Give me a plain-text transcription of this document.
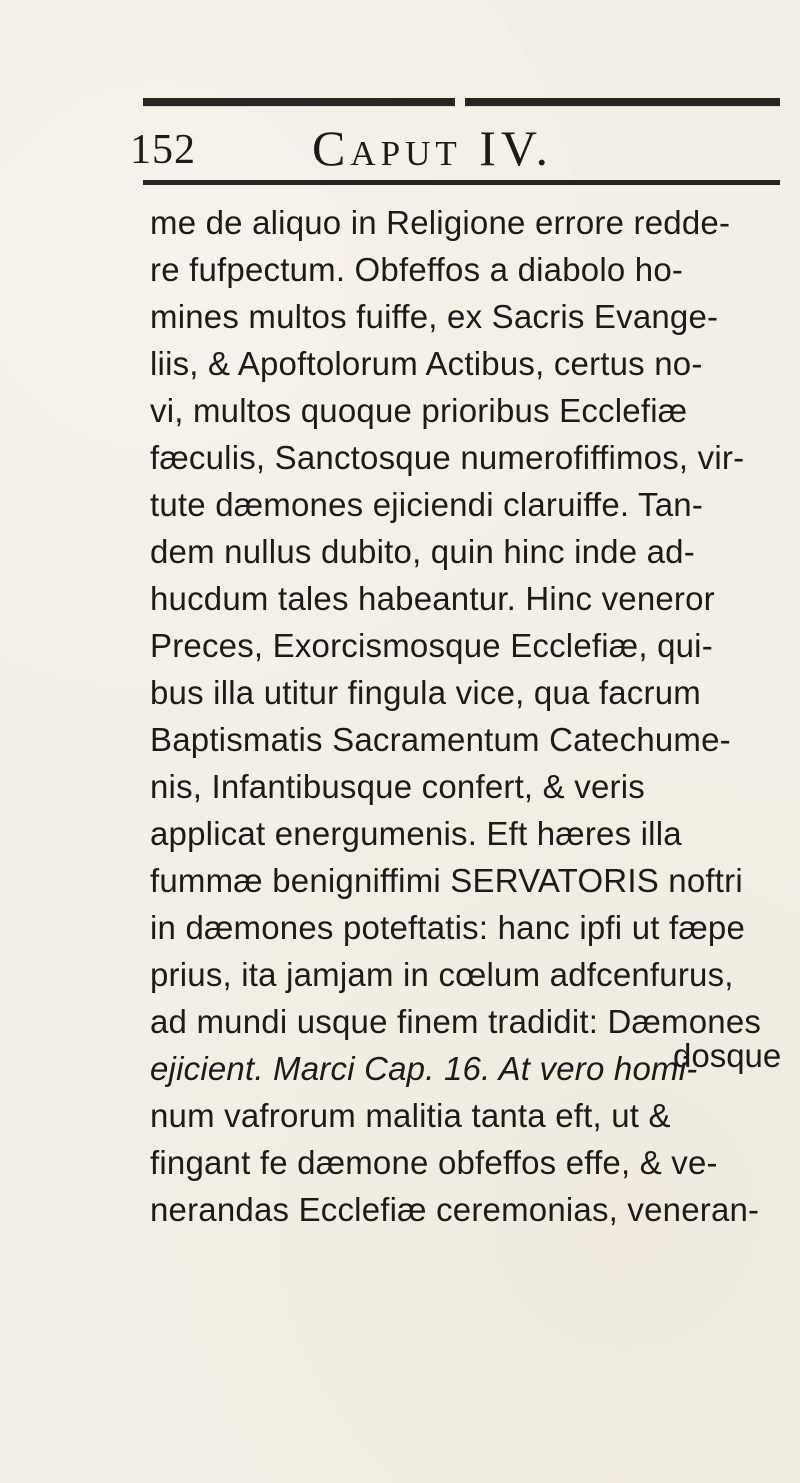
152 Caput IV.
me de aliquo in Religione errore redde-
re fufpectum. Obfeffos a diabolo ho-
mines multos fuiffe, ex Sacris Evange-
liis, & Apoftolorum Actibus, certus no-
vi, multos quoque prioribus Ecclefiæ
fæculis, Sanctosque numerofiffimos, vir-
tute dæmones ejiciendi claruiffe. Tan-
dem nullus dubito, quin hinc inde ad-
hucdum tales habeantur. Hinc veneror
Preces, Exorcismosque Ecclefiæ, qui-
bus illa utitur fingula vice, qua facrum
Baptismatis Sacramentum Catechume-
nis, Infantibusque confert, & veris
applicat energumenis. Eft hæres illa
fummæ benigniffimi SERVATORIS noftri
in dæmones poteftatis: hanc ipfi ut fæpe
prius, ita jamjam in cœlum adfcenfurus,
ad mundi usque finem tradidit: Dæmones
ejicient. Marci Cap. 16. At vero homi-
num vafrorum malitia tanta eft, ut &
fingant fe dæmone obfeffos effe, & ve-
nerandas Ecclefiæ ceremonias, veneran-
dosque
